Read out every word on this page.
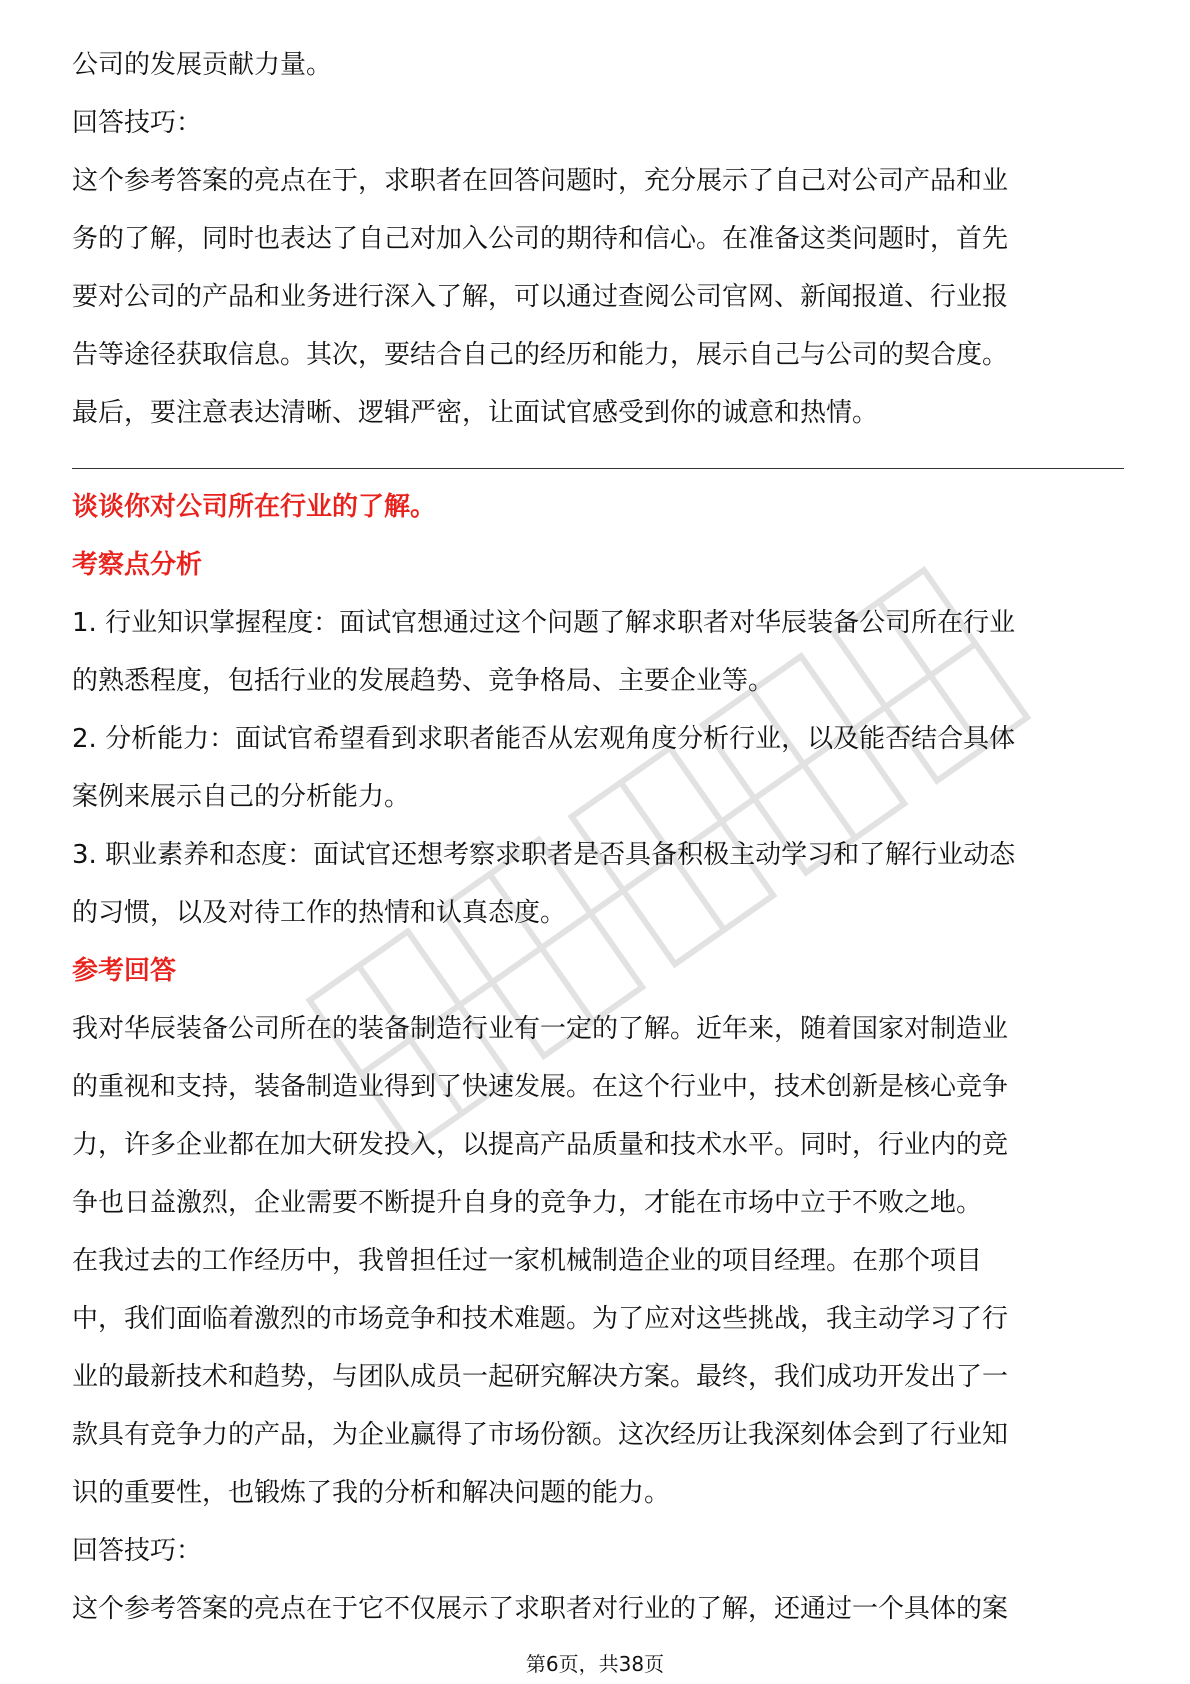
公司的发展贡献力量。
回答技巧：
这个参考答案的亮点在于，求职者在回答问题时，充分展示了自己对公司产品和业
务的了解，同时也表达了自己对加入公司的期待和信心。在准备这类问题时，首先
要对公司的产品和业务进行深入了解，可以通过查阅公司官网、新闻报道、行业报
告等途径获取信息。其次，要结合自己的经历和能力，展示自己与公司的契合度。
最后，要注意表达清晰、逻辑严密，让面试官感受到你的诚意和热情。
谈谈你对公司所在行业的了解。
考察点分析
1. 行业知识掌握程度：面试官想通过这个问题了解求职者对华辰装备公司所在行业
的熟悉程度，包括行业的发展趋势、竞争格局、主要企业等。
2. 分析能力：面试官希望看到求职者能否从宏观角度分析行业，以及能否结合具体
案例来展示自己的分析能力。
3. 职业素养和态度：面试官还想考察求职者是否具备积极主动学习和了解行业动态
的习惯，以及对待工作的热情和认真态度。
参考回答
我对华辰装备公司所在的装备制造行业有一定的了解。近年来，随着国家对制造业
的重视和支持，装备制造业得到了快速发展。在这个行业中，技术创新是核心竞争
力，许多企业都在加大研发投入，以提高产品质量和技术水平。同时，行业内的竞
争也日益激烈，企业需要不断提升自身的竞争力，才能在市场中立于不败之地。
在我过去的工作经历中，我曾担任过一家机械制造企业的项目经理。在那个项目
中，我们面临着激烈的市场竞争和技术难题。为了应对这些挑战，我主动学习了行
业的最新技术和趋势，与团队成员一起研究解决方案。最终，我们成功开发出了一
款具有竞争力的产品，为企业赢得了市场份额。这次经历让我深刻体会到了行业知
识的重要性，也锻炼了我的分析和解决问题的能力。
回答技巧：
这个参考答案的亮点在于它不仅展示了求职者对行业的了解，还通过一个具体的案
第6页，共38页
